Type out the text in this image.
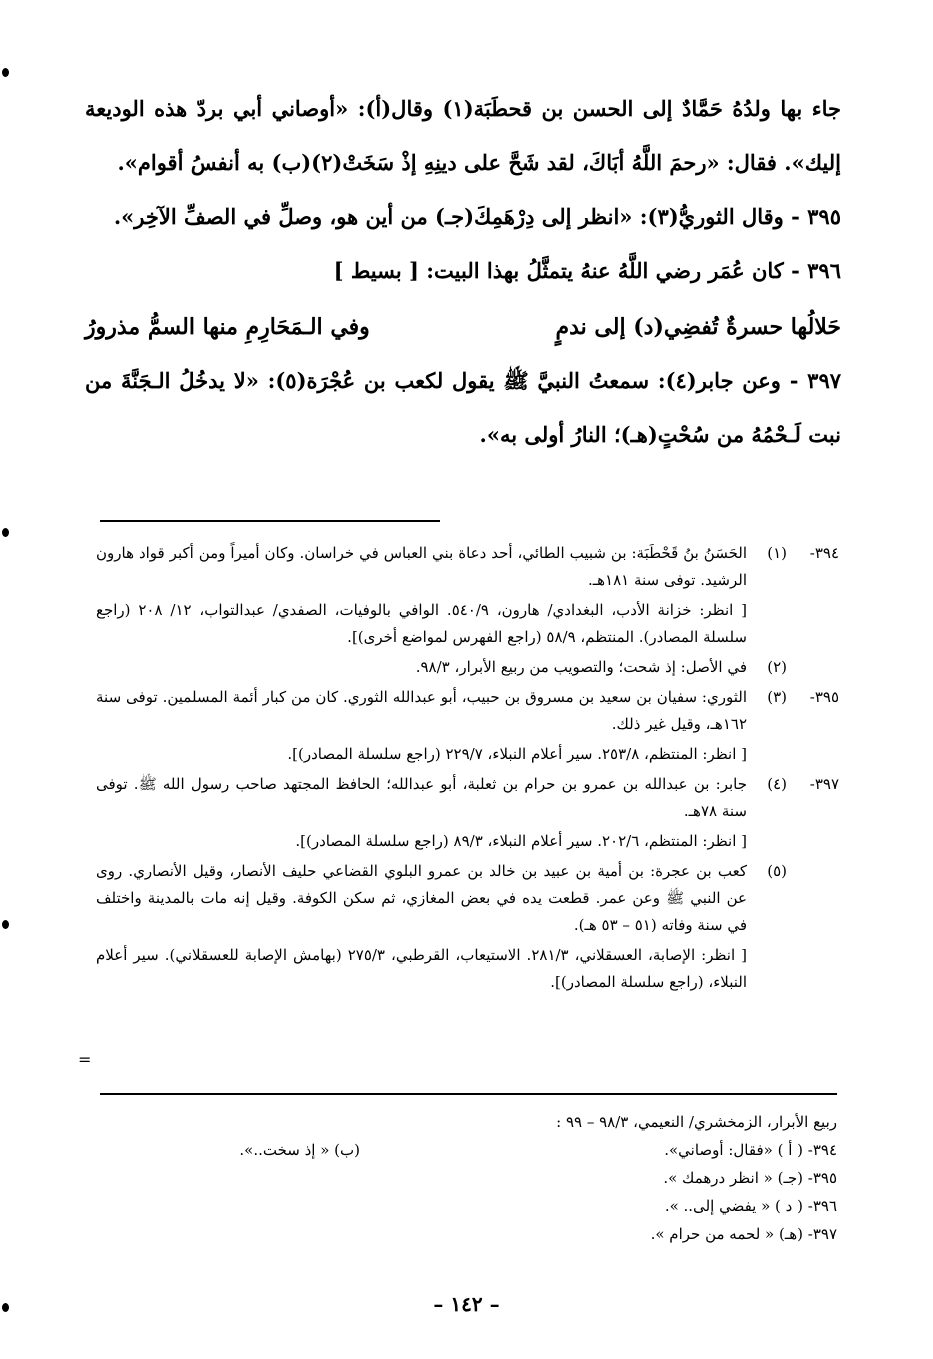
جاء بها ولدُهُ حَمَّادٌ إلى الحسن بن قحطَبَة(١) وقال(أ): «أوصاني أبي بردّ هذه الوديعة إليك». فقال: «رحمَ اللَّهُ أبَاكَ، لقد شَحَّ على دينِهِ إذْ سَخَتْ(٢)(ب) به أنفسُ أقوام».

٣٩٥ - وقال الثوريُّ(٣): «انظر إلى دِرْهَمِكَ(جـ) من أين هو، وصلِّ في الصفِّ الآخِر».

٣٩٦ - كان عُمَر رضي اللَّهُ عنهُ يتمثَّلُ بهذا البيت: [ بسيط ]

حَلالُها حسرةٌ تُفضِي(د) إلى ندمٍ
وفي الـمَحَارِمِ منها السمُّ مذرورُ

٣٩٧ - وعن جابر(٤): سمعتُ النبيَّ ﷺ يقول لكعب بن عُجْرَة(٥): «لا يدخُلُ الـجَنَّةَ من نبت لَـحْمُهُ من سُحْتٍ(هـ)؛ النارُ أولى به».

٣٩٤-
(١)

الحَسَنُ بنُ قَحْطَبَة: بن شبيب الطائي، أحد دعاة بني العباس في خراسان. وكان أميراً ومن أكبر قواد هارون الرشيد. توفى سنة ١٨١هـ.

[ انظر: خزانة الأدب، البغدادي/ هارون، ٥٤٠/٩. الوافي بالوفيات، الصفدي/ عبدالتواب، ١٢/ ٢٠٨ (راجع سلسلة المصادر). المنتظم، ٥٨/٩ (راجع الفهرس لمواضع أخرى)].

(٢)

في الأصل: إذ شحت؛ والتصويب من ربيع الأبرار، ٩٨/٣.

٣٩٥-
(٣)

الثوري: سفيان بن سعيد بن مسروق بن حبيب، أبو عبدالله الثوري. كان من كبار أئمة المسلمين. توفى سنة ١٦٢هـ، وقيل غير ذلك.

[ انظر: المنتظم، ٢٥٣/٨. سير أعلام النبلاء، ٢٢٩/٧ (راجع سلسلة المصادر)].

٣٩٧-
(٤)

جابر: بن عبدالله بن عمرو بن حرام بن ثعلبة، أبو عبدالله؛ الحافظ المجتهد صاحب رسول الله ﷺ. توفى سنة ٧٨هـ.

[ انظر: المنتظم، ٢٠٢/٦. سير أعلام النبلاء، ٨٩/٣ (راجع سلسلة المصادر)].

(٥)

كعب بن عجرة: بن أمية بن عبيد بن خالد بن عمرو البلوي القضاعي حليف الأنصار، وقيل الأنصاري. روى عن النبي ﷺ وعن عمر. قطعت يده في بعض المغازي، ثم سكن الكوفة. وقيل إنه مات بالمدينة واختلف في سنة وفاته (٥١ – ٥٣ هـ).

[ انظر: الإصابة، العسقلاني، ٢٨١/٣. الاستيعاب، القرطبي، ٢٧٥/٣ (بهامش الإصابة للعسقلاني). سير أعلام النبلاء، (راجع سلسلة المصادر)].

=
ربيع الأبرار، الزمخشري/ النعيمي، ٩٨/٣ – ٩٩ :
٣٩٤- ( أ ) «فقال: أوصاني».
(ب) « إذ سخت..».
٣٩٥- (جـ) « انظر درهمك ».
٣٩٦- ( د ) « يفضي إلى.. ».
٣٩٧- (هـ) « لحمه من حرام ».
– ١٤٢ –
